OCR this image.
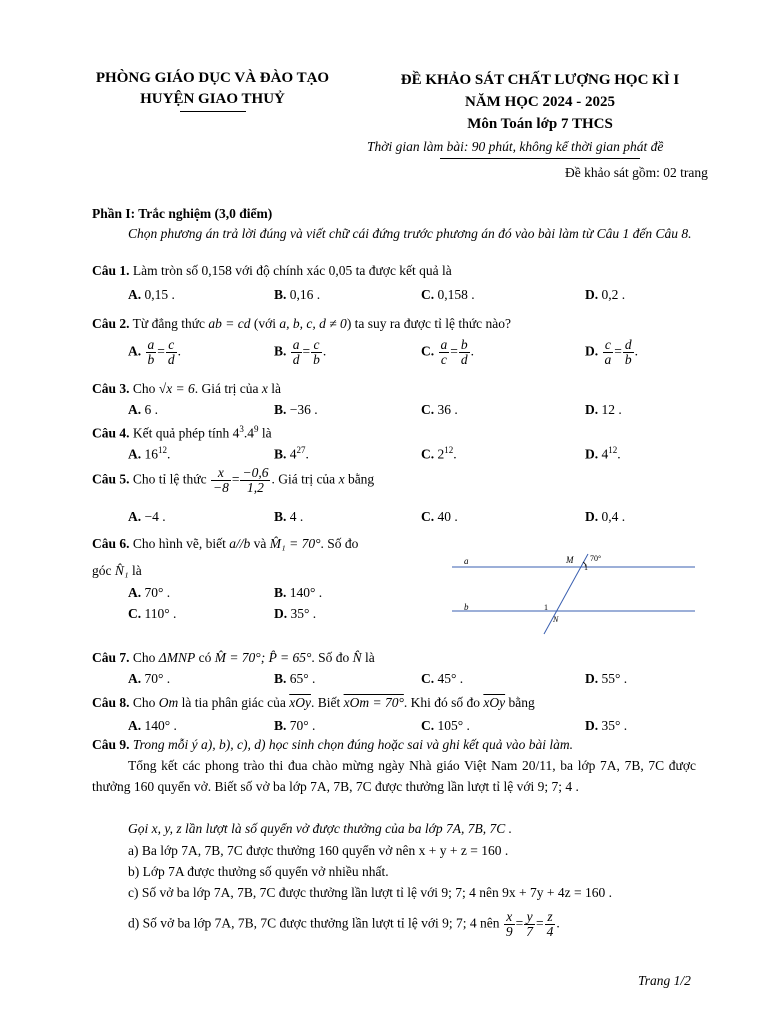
PHÒNG GIÁO DỤC VÀ ĐÀO TẠO
HUYỆN GIAO THUỶ
ĐỀ KHẢO SÁT CHẤT LƯỢNG HỌC KÌ I
NĂM HỌC 2024 - 2025
Môn Toán lớp 7 THCS
Thời gian làm bài: 90 phút, không kể thời gian phát đề
Đề khảo sát gồm: 02 trang
Phần I: Trắc nghiệm (3,0 điểm)
Chọn phương án trả lời đúng và viết chữ cái đứng trước phương án đó vào bài làm từ Câu 1 đến Câu 8.
Câu 1. Làm tròn số 0,158 với độ chính xác 0,05 ta được kết quả là
A. 0,15 .	B. 0,16 .	C. 0,158 .	D. 0,2 .
Câu 2. Từ đẳng thức ab = cd (với a, b, c, d ≠ 0) ta suy ra được tỉ lệ thức nào?
A. $\frac{a}{b} = \frac{c}{d}$ .	B. $\frac{a}{d} = \frac{c}{b}$ .	C. $\frac{a}{c} = \frac{b}{d}$ .	D. $\frac{c}{a} = \frac{d}{b}$ .
Câu 3. Cho √x = 6. Giá trị của x là
A. 6 .	B. −36 .	C. 36 .	D. 12 .
Câu 4. Kết quả phép tính $4^3.4^9$ là
A. $16^{12}$.	B. $4^{27}$.	C. $2^{12}$.	D. $4^{12}$.
Câu 5. Cho tỉ lệ thức $\frac{x}{-8} = \frac{-0,6}{1,2}$ . Giá trị của x bằng
A. −4 .	B. 4 .	C. 40 .	D. 0,4 .
Câu 6. Cho hình vẽ, biết a//b và M̂₁ = 70°. Số đo
góc N̂₁ là
A. 70° .	B. 140° .
C. 110° .	D. 35° .
a
b
M
1
70°
1
N
Câu 7. Cho ΔMNP có M̂ = 70°; P̂ = 65°. Số đo N̂ là
A. 70° .	B. 65° .	C. 45° .	D. 55° .
Câu 8. Cho Om là tia phân giác của $\overline{xOy}$. Biết xOm = 70°. Khi đó số đo $\overline{xOy}$ bằng
A. 140° .	B. 70° .	C. 105° .	D. 35° .
Câu 9. Trong mỗi ý a), b), c), d) học sinh chọn đúng hoặc sai và ghi kết quả vào bài làm.
Tổng kết các phong trào thi đua chào mừng ngày Nhà giáo Việt Nam 20/11, ba lớp 7A, 7B, 7C được thưởng 160 quyển vở. Biết số vở ba lớp 7A, 7B, 7C được thưởng lần lượt tỉ lệ với 9; 7; 4 .
Gọi x, y, z lần lượt là số quyển vở được thưởng của ba lớp 7A, 7B, 7C .
a) Ba lớp 7A, 7B, 7C được thưởng 160 quyển vở nên x + y + z = 160 .
b) Lớp 7A được thưởng số quyển vở nhiều nhất.
c) Số vở ba lớp 7A, 7B, 7C được thưởng lần lượt tỉ lệ với 9; 7; 4 nên 9x + 7y + 4z = 160 .
d) Số vở ba lớp 7A, 7B, 7C được thưởng lần lượt tỉ lệ với 9; 7; 4 nên $\frac{x}{9} = \frac{y}{7} = \frac{z}{4}$ .
Trang 1/2
